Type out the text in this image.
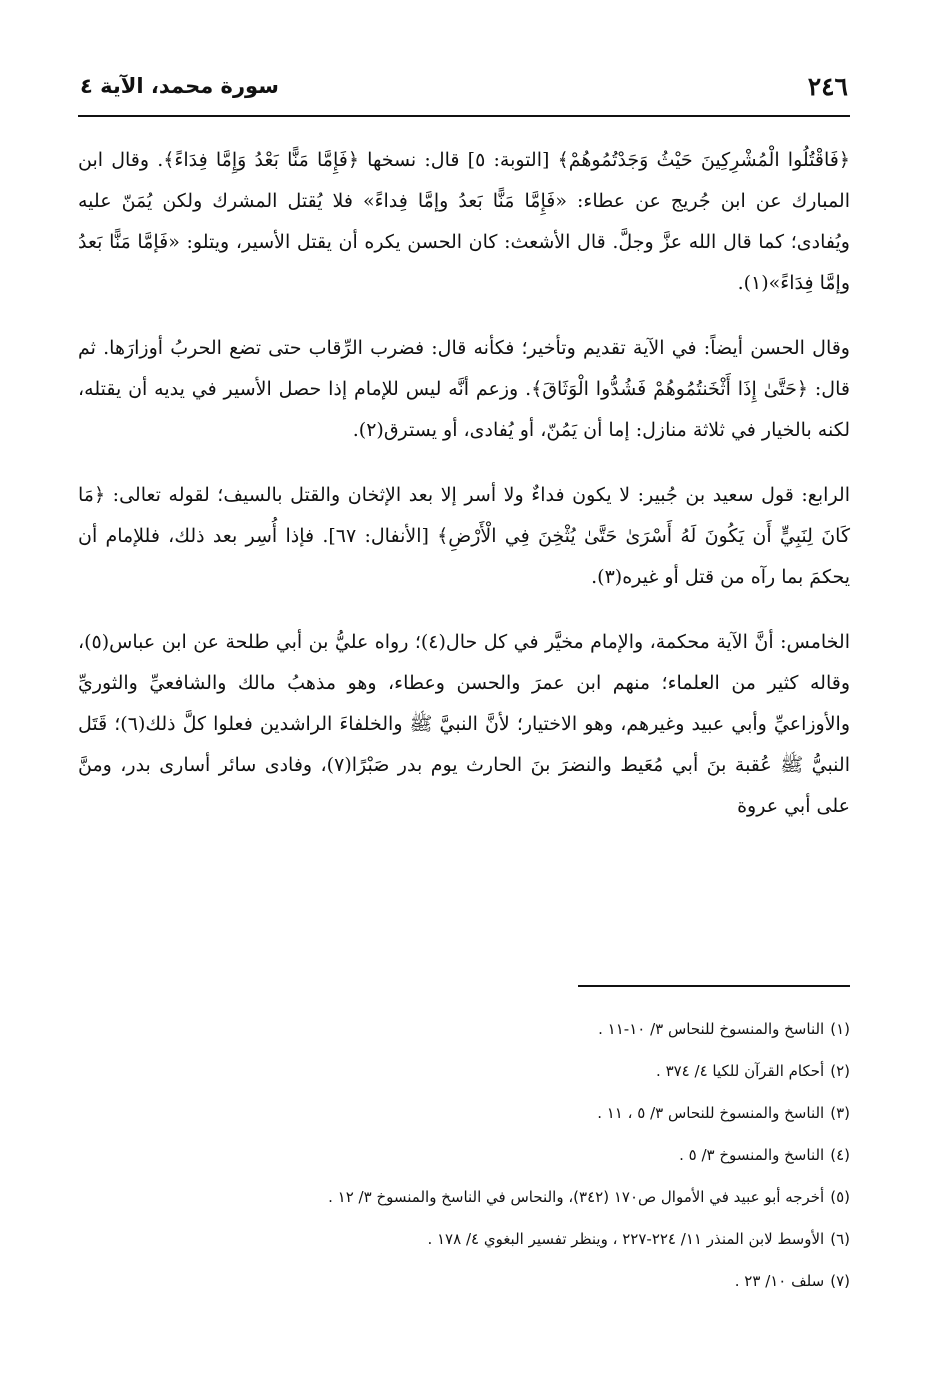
٢٤٦
سورة محمد، الآية ٤

﴿فَاقْتُلُوا الْمُشْرِكِينَ حَيْثُ وَجَدْتُمُوهُمْ﴾ [التوبة: ٥] قال: نسخها ﴿فَإِمَّا مَنًّا بَعْدُ وَإِمَّا فِدَاءً﴾. وقال ابن المبارك عن ابن جُريج عن عطاء: «فَإِمَّا مَنًّا بَعدُ وإمَّا فِداءً» فلا يُقتل المشرك ولكن يُمَنّ عليه ويُفادى؛ كما قال الله عزَّ وجلَّ. قال الأشعث: كان الحسن يكره أن يقتل الأسير، ويتلو: «فَإمَّا مَنًّا بَعدُ وإمَّا فِدَاءً»(١).

وقال الحسن أيضاً: في الآية تقديم وتأخير؛ فكأنه قال: فضرب الرِّقاب حتى تضع الحربُ أوزارَها. ثم قال: ﴿حَتَّىٰ إِذَا أَثْخَنتُمُوهُمْ فَشُدُّوا الْوَثَاقَ﴾. وزعم أنَّه ليس للإمام إذا حصل الأسير في يديه أن يقتله، لكنه بالخيار في ثلاثة منازل: إما أن يَمُنّ، أو يُفادى، أو يسترق(٢).

الرابع: قول سعيد بن جُبير: لا يكون فداءٌ ولا أسر إلا بعد الإثخان والقتل بالسيف؛ لقوله تعالى: ﴿مَا كَانَ لِنَبِيٍّ أَن يَكُونَ لَهُ أَسْرَىٰ حَتَّىٰ يُثْخِنَ فِي الْأَرْضِ﴾ [الأنفال: ٦٧]. فإذا أُسِر بعد ذلك، فللإمام أن يحكمَ بما رآه من قتل أو غيره(٣).

الخامس: أنَّ الآية محكمة، والإمام مخيَّر في كل حال(٤)؛ رواه عليُّ بن أبي طلحة عن ابن عباس(٥)، وقاله كثير من العلماء؛ منهم ابن عمرَ والحسن وعطاء، وهو مذهبُ مالك والشافعيِّ والثوريِّ والأوزاعيِّ وأبي عبيد وغيرهم، وهو الاختيار؛ لأنَّ النبيَّ ﷺ والخلفاءَ الراشدين فعلوا كلَّ ذلك(٦)؛ قَتَل النبيُّ ﷺ عُقبة بنَ أبي مُعَيط والنضرَ بنَ الحارث يوم بدر صَبْرًا(٧)، وفادى سائر أسارى بدر، ومنَّ على أبي عروة

(١)الناسخ والمنسوخ للنحاس ٣/ ١٠-١١ .
(٢)أحكام القرآن للكيا ٤/ ٣٧٤ .
(٣)الناسخ والمنسوخ للنحاس ٣/ ٥ ، ١١ .
(٤)الناسخ والمنسوخ ٣/ ٥ .
(٥)أخرجه أبو عبيد في الأموال ص١٧٠ (٣٤٢)، والنحاس في الناسخ والمنسوخ ٣/ ١٢ .
(٦)الأوسط لابن المنذر ١١/ ٢٢٤-٢٢٧ ، وينظر تفسير البغوي ٤/ ١٧٨ .
(٧)سلف ١٠/ ٢٣ .
